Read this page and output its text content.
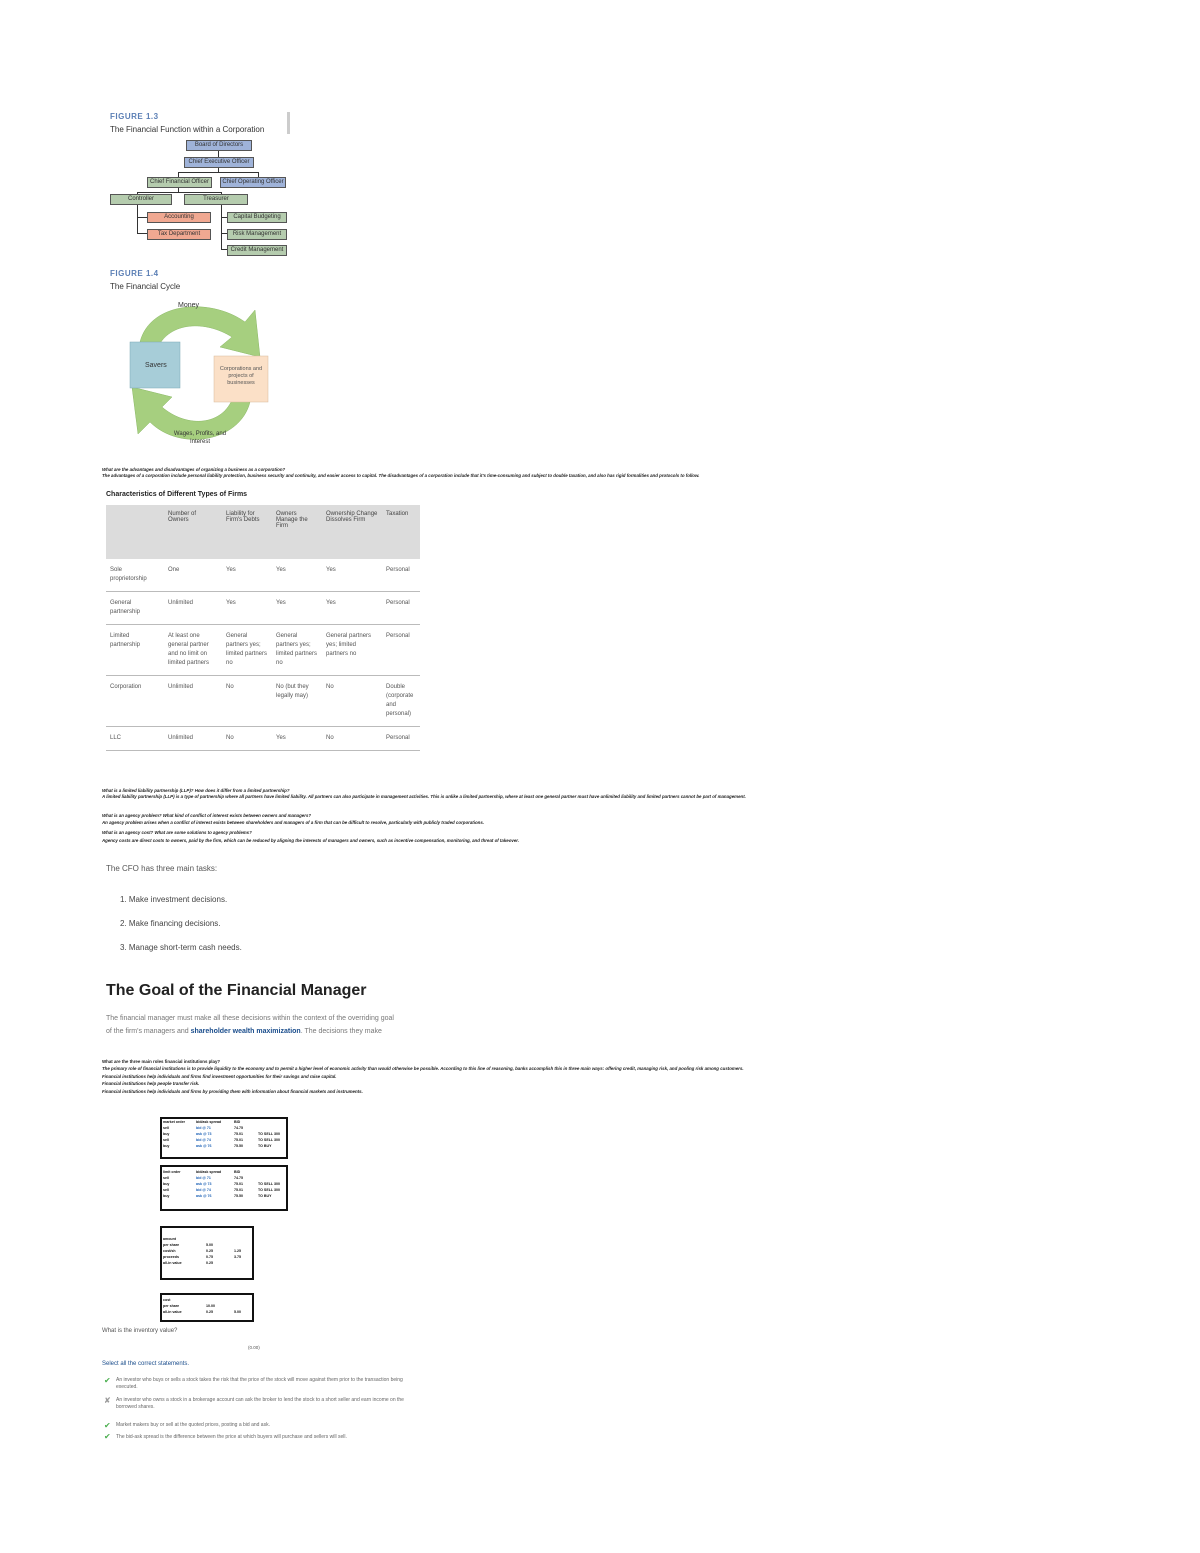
FIGURE 1.3
The Financial Function within a Corporation
Board of Directors
Chief Executive Officer
Chief Financial Officer	Chief Operating Officer
Controller	Treasurer
Accounting
Tax Department
Capital Budgeting
Risk Management
Credit Management
FIGURE 1.4
The Financial Cycle
Money
Savers	Corporations and projects of businesses
Wages, Profits, and Interest
What are the advantages and disadvantages of organizing a business as a corporation?
The advantages of a corporation include personal liability protection, business security and continuity, and easier access to capital. The disadvantages of a corporation include that it's time-consuming and subject to double taxation, and also has rigid formalities and protocols to follow.
Characteristics of Different Types of Firms
	Number of Owners	Liability for Firm's Debts	Owners Manage the Firm	Ownership Change Dissolves Firm	Taxation
Sole proprietorship	One	Yes	Yes	Yes	Personal
General partnership	Unlimited	Yes	Yes	Yes	Personal
Limited partnership	At least one general partner and no limit on limited partners	General partners yes; limited partners no	General partners yes; limited partners no	General partners yes; limited partners no	Personal
Corporation	Unlimited	No	No (but they legally may)	No	Double (corporate and personal)
LLC	Unlimited	No	Yes	No	Personal
What is a limited liability partnership (LLP)? How does it differ from a limited partnership?
A limited liability partnership (LLP) is a type of partnership where all partners have limited liability. All partners can also participate in management activities. This is unlike a limited partnership, where at least one general partner must have unlimited liability and limited partners cannot be part of management.
What is an agency problem? What kind of conflict of interest exists between owners and managers?
An agency problem arises when a conflict of interest exists between shareholders and managers of a firm that can be difficult to resolve, particularly with publicly traded corporations.
What is an agency cost? What are some solutions to agency problems?
Agency costs are direct costs to owners, paid by the firm, which can be reduced by aligning the interests of managers and owners, such as incentive compensation, monitoring, and threat of takeover.
The CFO has three main tasks:
1. Make investment decisions.
2. Make financing decisions.
3. Manage short-term cash needs.
The Goal of the Financial Manager
The financial manager must make all these decisions within the context of the overriding goal
of the firm's managers and shareholder wealth maximization. The decisions they make
What are the three main roles financial institutions play?
The primary role of financial institutions is to provide liquidity to the economy and to permit a higher level of economic activity than would otherwise be possible. According to this line of reasoning, banks accomplish this in three main ways: offering credit, managing risk, and pooling risk among customers.
Financial institutions help individuals and firms find investment opportunities for their savings and raise capital.
Financial institutions help people transfer risk.
Financial institutions help individuals and firms by providing them with information about financial markets and instruments.
market order	bid/ask spread	BID
sell	bid @ 71	74.75
buy	ask @ 73	75.01	TO SELL 300
sell	bid @ 74	75.01	TO SELL 300
buy	ask @ 76	75.50	TO BUY
limit order	bid/ask spread	BID
sell	bid @ 71	74.75
buy	ask @ 73	75.01	TO SELL 300
sell	bid @ 74	75.01	TO SELL 300
buy	ask @ 76	75.50	TO BUY
amount
per share	5.00
cost/sh	0.25	1.25
proceeds	0.75	3.75
all-in value	0.25
cost
per share	10.00
all-in value	0.25	5.00
What is the inventory value?
(0.00)
Select all the correct statements.
✔ An investor who buys or sells a stock takes the risk that the price of the stock will move against them prior to the transaction being executed.
✘ An investor who owns a stock in a brokerage account can ask the broker to lend the stock to a short seller and earn income on the borrowed shares.
✔ Market makers buy or sell at the quoted prices, posting a bid and ask.
✔ The bid-ask spread is the difference between the price at which buyers will purchase and sellers will sell.
